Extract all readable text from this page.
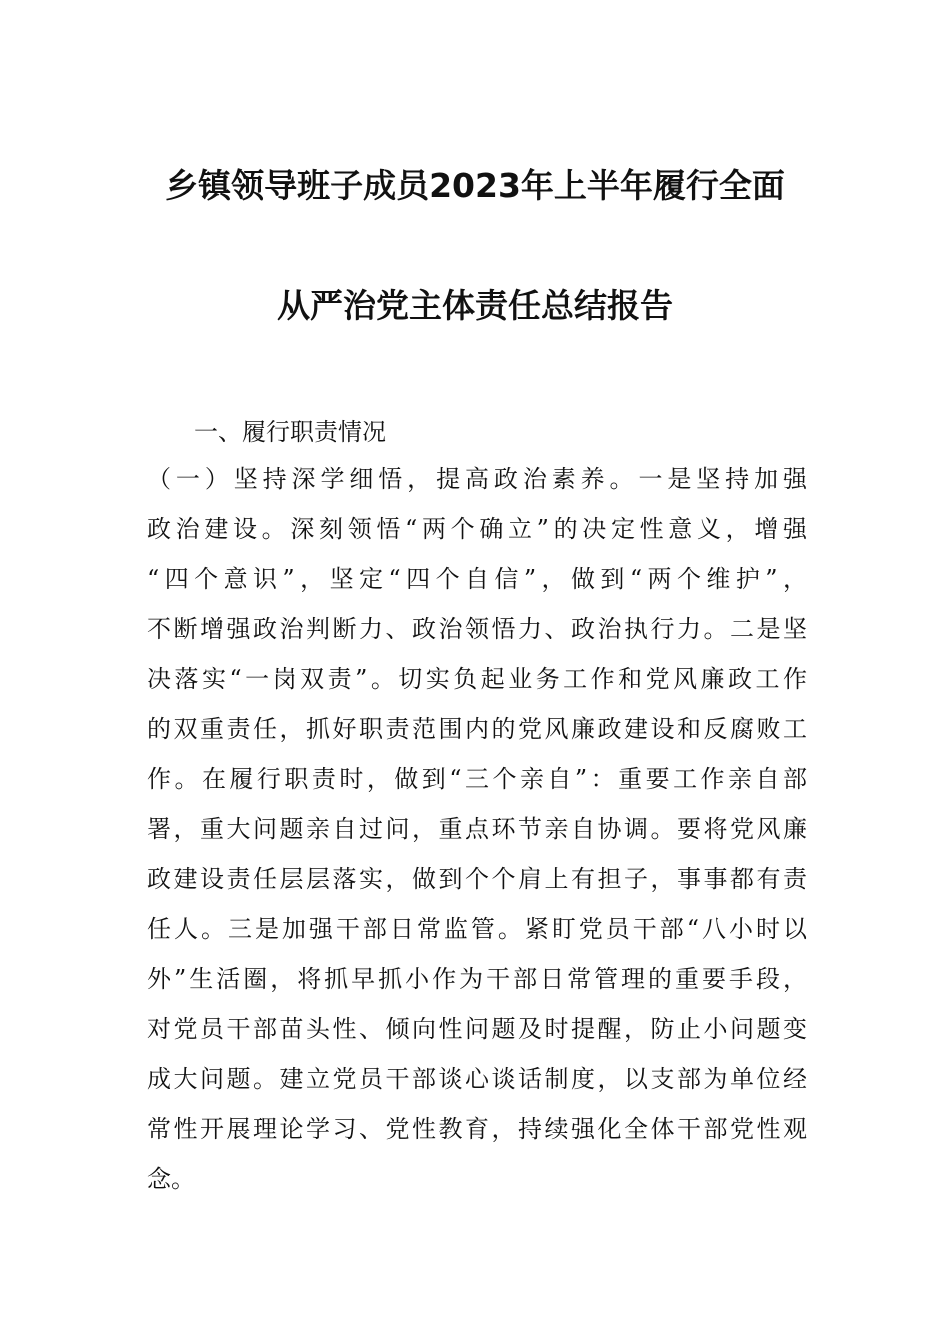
乡镇领导班子成员2023年上半年履行全面
从严治党主体责任总结报告
一、履行职责情况
（一）坚持深学细悟，提高政治素养。一是坚持加强
政治建设。深刻领悟“两个确立”的决定性意义，增强
“四个意识”，坚定“四个自信”，做到“两个维护”，
不断增强政治判断力、政治领悟力、政治执行力。二是坚
决落实“一岗双责”。切实负起业务工作和党风廉政工作
的双重责任，抓好职责范围内的党风廉政建设和反腐败工
作。在履行职责时，做到“三个亲自”：重要工作亲自部
署，重大问题亲自过问，重点环节亲自协调。要将党风廉
政建设责任层层落实，做到个个肩上有担子，事事都有责
任人。三是加强干部日常监管。紧盯党员干部“八小时以
外”生活圈，将抓早抓小作为干部日常管理的重要手段，
对党员干部苗头性、倾向性问题及时提醒，防止小问题变
成大问题。建立党员干部谈心谈话制度，以支部为单位经
常性开展理论学习、党性教育，持续强化全体干部党性观
念。
